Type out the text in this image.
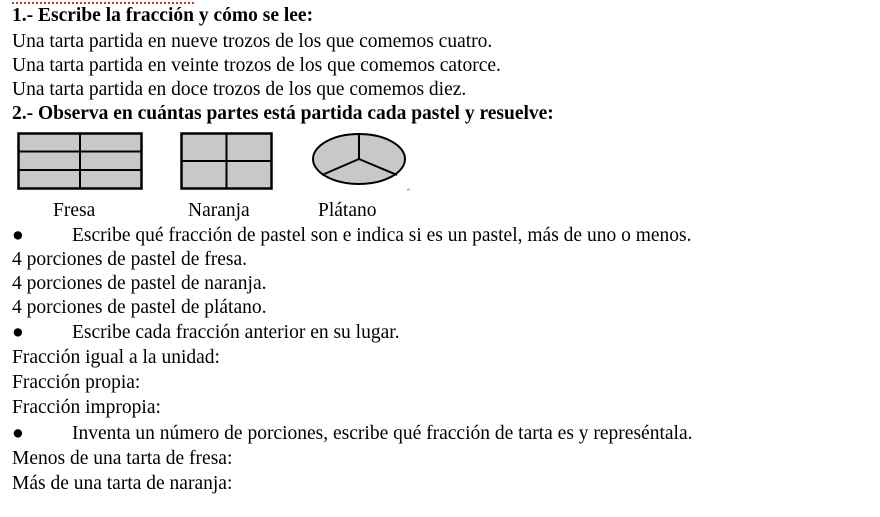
1.- Escribe la fracción y cómo se lee:
Una tarta partida en nueve trozos de los que comemos cuatro.
Una tarta partida en veinte trozos de los que comemos catorce.
Una tarta partida en doce trozos de los que comemos diez.
2.- Observa en cuántas partes está partida cada pastel y resuelve:
Fresa	Naranja	Plátano
● Escribe qué fracción de pastel son e indica si es un pastel, más de uno o menos.
4 porciones de pastel de fresa.
4 porciones de pastel de naranja.
4 porciones de pastel de plátano.
● Escribe cada fracción anterior en su lugar.
Fracción igual a la unidad:
Fracción propia:
Fracción impropia:
● Inventa un número de porciones, escribe qué fracción de tarta es y represéntala.
Menos de una tarta de fresa:
Más de una tarta de naranja:
